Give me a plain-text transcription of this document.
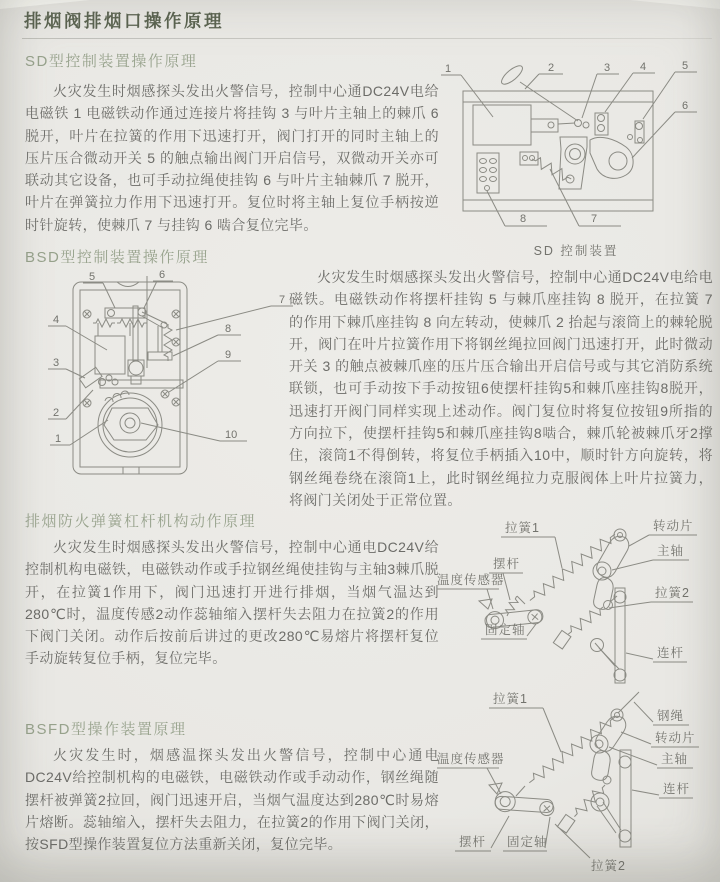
排烟阀排烟口操作原理
SD型控制装置操作原理

火灾发生时烟感探头发出火警信号，控制中心通DC24V电给电磁铁 1 电磁铁动作通过连接片将挂钩 3 与叶片主轴上的棘爪 6 脱开，叶片在拉簧的作用下迅速打开，阀门打开的同时主轴上的压片压合微动开关 5 的触点输出阀门开启信号，双微动开关亦可联动其它设备，也可手动拉绳使挂钩 6 与叶片主轴棘爪 7 脱开，叶片在弹簧拉力作用下迅速打开。复位时将主轴上复位手柄按逆时针旋转，使棘爪 7 与挂钩 6 啮合复位完毕。

1	2	3	4	5
6
8	7
SD 控制装置
BSD型控制装置操作原理

火灾发生时烟感探头发出火警信号，控制中心通DC24V电给电磁铁。电磁铁动作将摆杆挂钩 5 与棘爪座挂钩 8 脱开，在拉簧 7 的作用下棘爪座挂钩 8 向左转动，使棘爪 2 抬起与滚筒上的棘轮脱开，阀门在叶片拉簧作用下将钢丝绳拉回阀门迅速打开，此时微动开关 3 的触点被棘爪座的压片压合输出开启信号或与其它消防系统联锁，也可手动按下手动按钮6使摆杆挂钩5和棘爪座挂钩8脱开，迅速打开阀门同样实现上述动作。阀门复位时将复位按钮9所指的方向拉下，使摆杆挂钩5和棘爪座挂钩8啮合，棘爪轮被棘爪牙2撑住，滚筒1不得倒转，将复位手柄插入10中，顺时针方向旋转，将钢丝绳卷绕在滚筒1上，此时钢丝绳拉力克服阀体上叶片拉簧力，将阀门关闭处于正常位置。

5	6
7
8
9
10
4
3
2
1
排烟防火弹簧杠杆机构动作原理

火灾发生时烟感探头发出火警信号，控制中心通电DC24V给控制机构电磁铁，电磁铁动作或手拉钢丝绳使挂钩与主轴3棘爪脱开，在拉簧1作用下，阀门迅速打开进行排烟，当烟气温达到280℃时，温度传感2动作蕊轴缩入摆杆失去阻力在拉簧2的作用下阀门关闭。动作后按前后讲过的更改280℃易熔片将摆杆复位手动旋转复位手柄，复位完毕。

拉簧1	转动片
主轴
拉簧2
连杆
摆杆
温度传感器
固定轴
BSFD型操作装置原理

火灾发生时，烟感温探头发出火警信号，控制中心通电DC24V给控制机构的电磁铁，电磁铁动作或手动动作，钢丝绳随摆杆被弹簧2拉回，阀门迅速开启，当烟气温度达到280℃时易熔片熔断。蕊轴缩入，摆杆失去阻力，在拉簧2的作用下阀门关闭，按SFD型操作装置复位方法重新关闭，复位完毕。

拉簧1
钢绳
转动片
主轴
连杆
温度传感器
摆杆 固定轴
拉簧2
